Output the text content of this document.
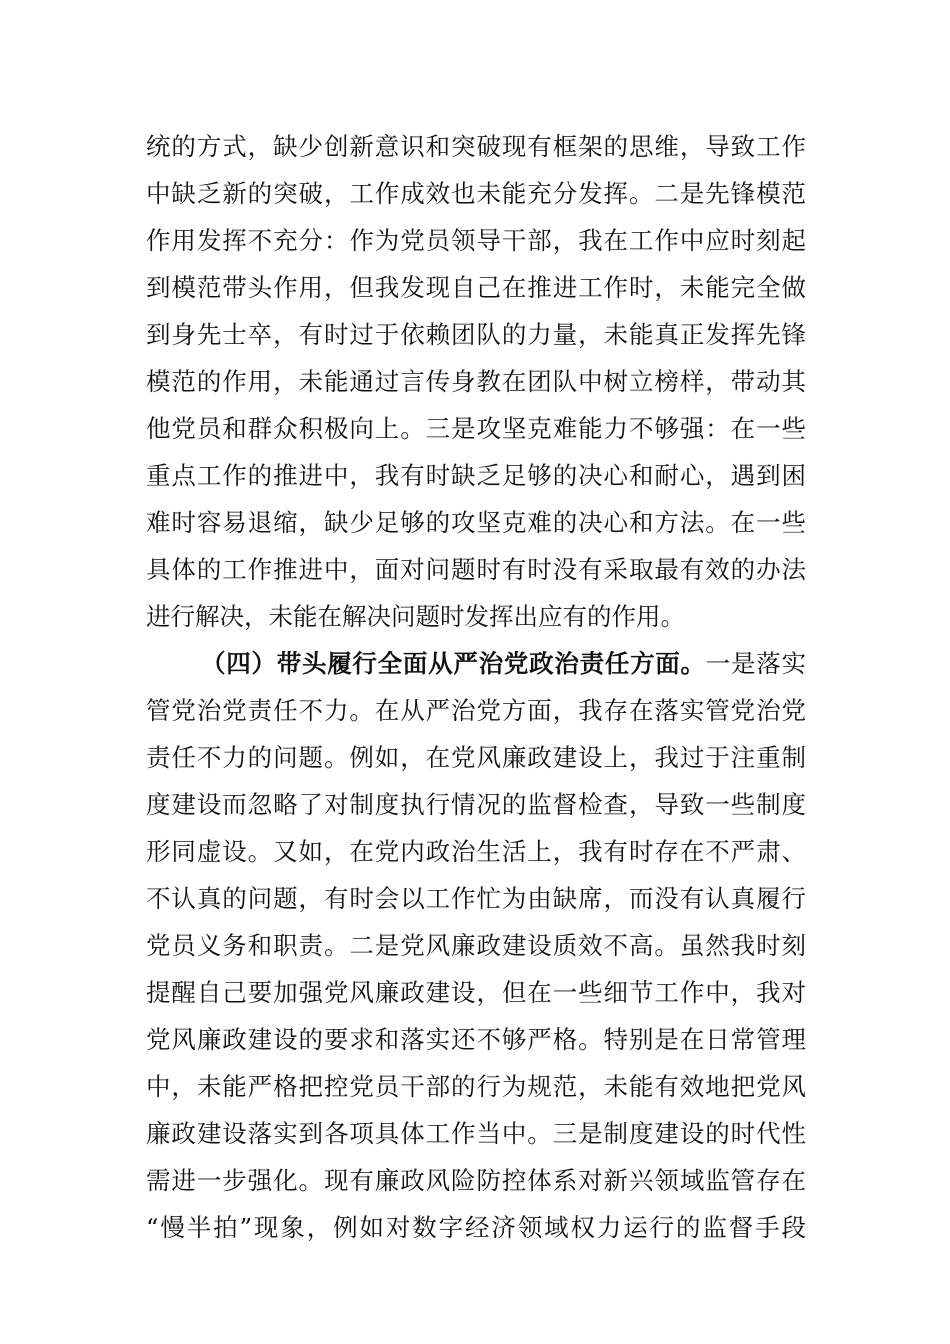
统的方式，缺少创新意识和突破现有框架的思维，导致工作
中缺乏新的突破，工作成效也未能充分发挥。二是先锋模范
作用发挥不充分：作为党员领导干部，我在工作中应时刻起
到模范带头作用，但我发现自己在推进工作时，未能完全做
到身先士卒，有时过于依赖团队的力量，未能真正发挥先锋
模范的作用，未能通过言传身教在团队中树立榜样，带动其
他党员和群众积极向上。三是攻坚克难能力不够强：在一些
重点工作的推进中，我有时缺乏足够的决心和耐心，遇到困
难时容易退缩，缺少足够的攻坚克难的决心和方法。在一些
具体的工作推进中，面对问题时有时没有采取最有效的办法
进行解决，未能在解决问题时发挥出应有的作用。
（四）带头履行全面从严治党政治责任方面。一是落实
管党治党责任不力。在从严治党方面，我存在落实管党治党
责任不力的问题。例如，在党风廉政建设上，我过于注重制
度建设而忽略了对制度执行情况的监督检查，导致一些制度
形同虚设。又如，在党内政治生活上，我有时存在不严肃、
不认真的问题，有时会以工作忙为由缺席，而没有认真履行
党员义务和职责。二是党风廉政建设质效不高。虽然我时刻
提醒自己要加强党风廉政建设，但在一些细节工作中，我对
党风廉政建设的要求和落实还不够严格。特别是在日常管理
中，未能严格把控党员干部的行为规范，未能有效地把党风
廉政建设落实到各项具体工作当中。三是制度建设的时代性
需进一步强化。现有廉政风险防控体系对新兴领域监管存在
“慢半拍”现象，例如对数字经济领域权力运行的监督手段
